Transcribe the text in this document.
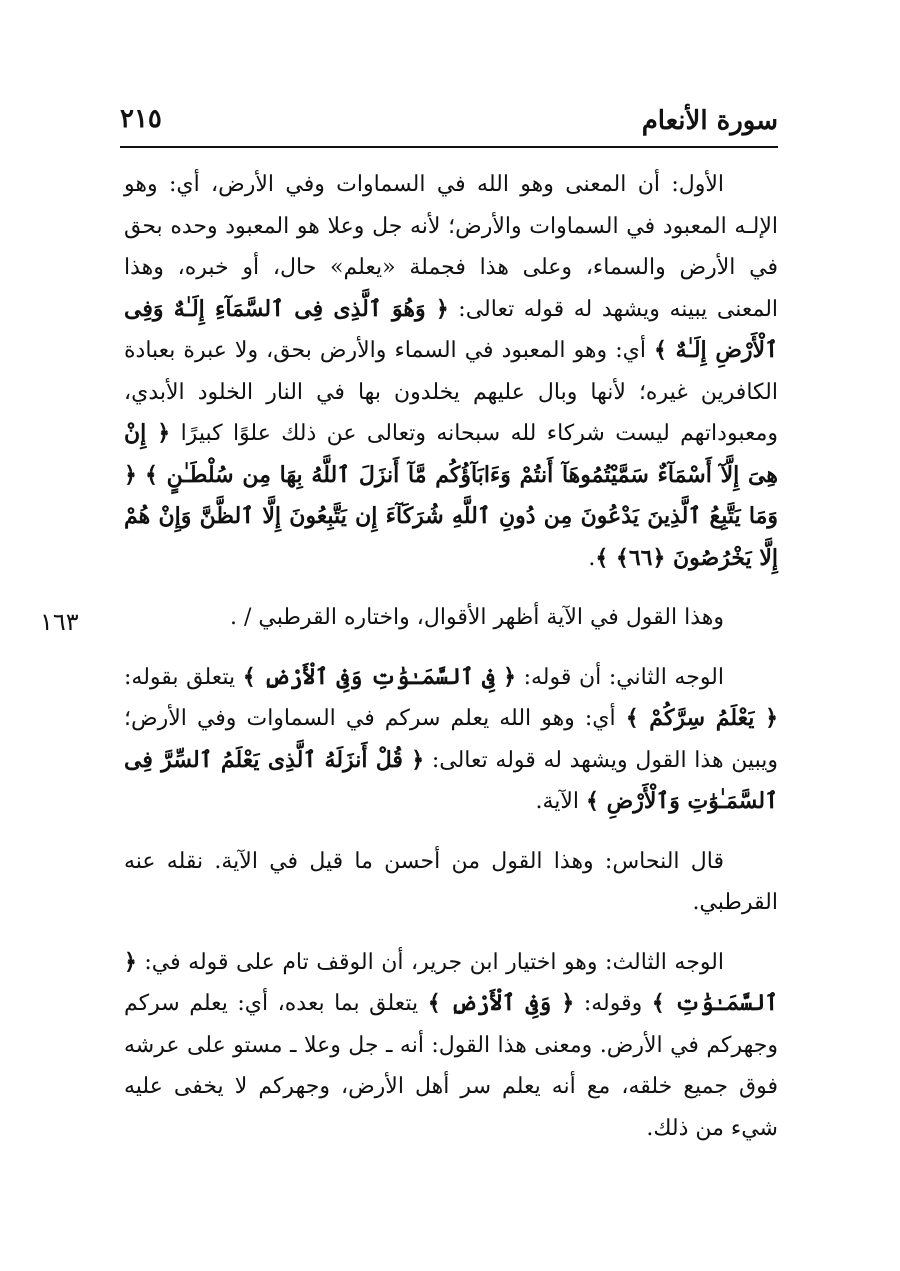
سورة الأنعام
٢١٥
١٦٣

الأول: أن المعنى وهو الله في السماوات وفي الأرض، أي: وهو الإلـه المعبود في السماوات والأرض؛ لأنه جل وعلا هو المعبود وحده بحق في الأرض والسماء، وعلى هذا فجملة «يعلم» حال، أو خبره، وهذا المعنى يبينه ويشهد له قوله تعالى: ﴿ وَهُوَ ٱلَّذِى فِى ٱلسَّمَآءِ إِلَـٰهٌ وَفِى ٱلْأَرْضِ إِلَـٰهٌ ﴾ أي: وهو المعبود في السماء والأرض بحق، ولا عبرة بعبادة الكافرين غيره؛ لأنها وبال عليهم يخلدون بها في النار الخلود الأبدي، ومعبوداتهم ليست شركاء لله سبحانه وتعالى عن ذلك علوًا كبيرًا ﴿ إِنْ هِىَ إِلَّآ أَسْمَآءٌ سَمَّيْتُمُوهَآ أَنتُمْ وَءَابَآؤُكُم مَّآ أَنزَلَ ٱللَّهُ بِهَا مِن سُلْطَـٰنٍ ﴾ ﴿ وَمَا يَتَّبِعُ ٱلَّذِينَ يَدْعُونَ مِن دُونِ ٱللَّهِ شُرَكَآءَ إِن يَتَّبِعُونَ إِلَّا ٱلظَّنَّ وَإِنْ هُمْ إِلَّا يَخْرُصُونَ ﴿٦٦﴾ ﴾.

وهذا القول في الآية أظهر الأقوال، واختاره القرطبي / .

الوجه الثاني: أن قوله: ﴿ فِى ٱلسَّمَـٰوَٰتِ وَفِى ٱلْأَرْضِ ﴾ يتعلق بقوله: ﴿ يَعْلَمُ سِرَّكُمْ ﴾ أي: وهو الله يعلم سركم في السماوات وفي الأرض؛ ويبين هذا القول ويشهد له قوله تعالى: ﴿ قُلْ أَنزَلَهُ ٱلَّذِى يَعْلَمُ ٱلسِّرَّ فِى ٱلسَّمَـٰوَٰتِ وَٱلْأَرْضِ ﴾ الآية.

قال النحاس: وهذا القول من أحسن ما قيل في الآية. نقله عنه القرطبي.

الوجه الثالث: وهو اختيار ابن جرير، أن الوقف تام على قوله في: ﴿ ٱلسَّمَـٰوَٰتِ ﴾ وقوله: ﴿ وَفِى ٱلْأَرْضِ ﴾ يتعلق بما بعده، أي: يعلم سركم وجهركم في الأرض. ومعنى هذا القول: أنه ـ جل وعلا ـ مستو على عرشه فوق جميع خلقه، مع أنه يعلم سر أهل الأرض، وجهركم لا يخفى عليه شيء من ذلك.
